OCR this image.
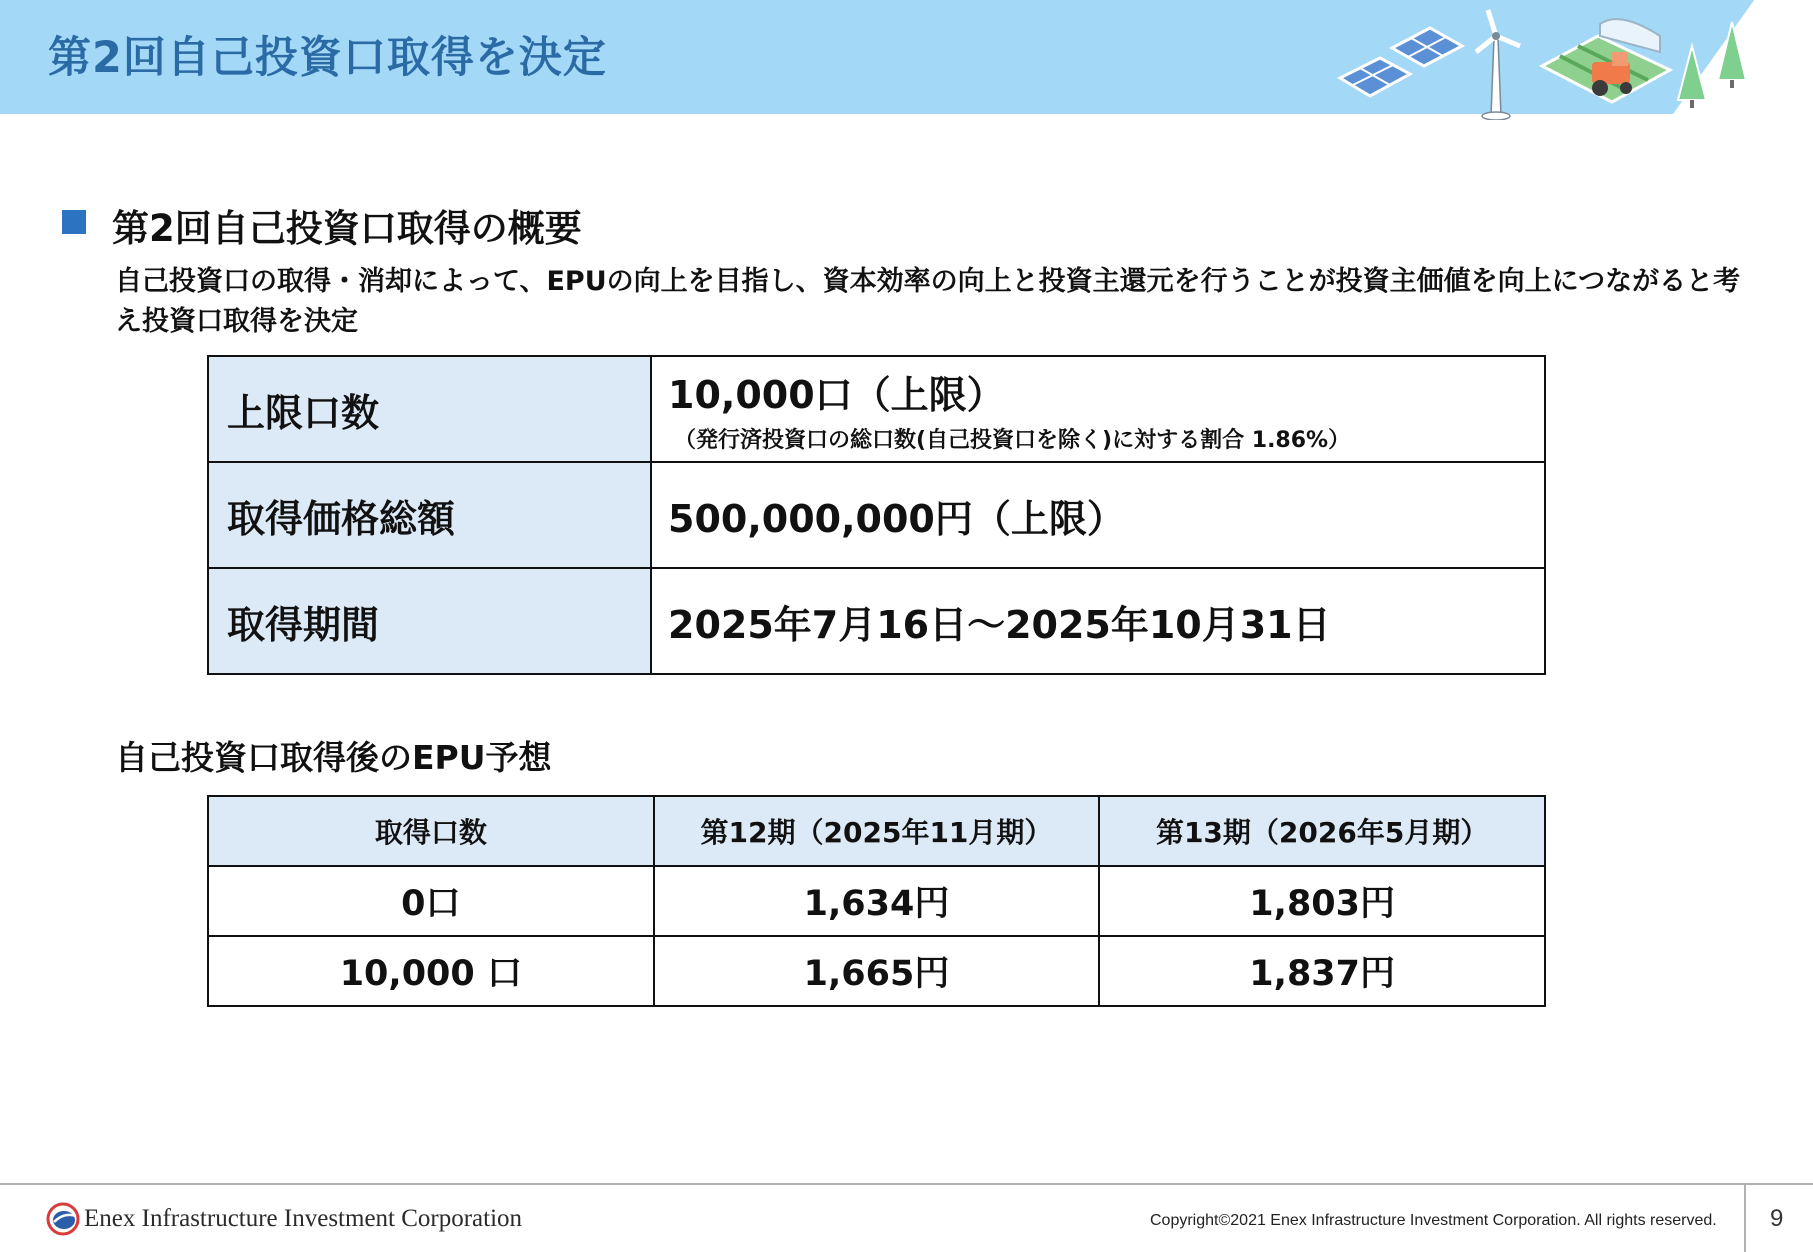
第2回自己投資口取得を決定
第2回自己投資口取得の概要
自己投資口の取得・消却によって、EPUの向上を目指し、資本効率の向上と投資主還元を行うことが投資主価値を向上につながると考え投資口取得を決定
上限口数	10,000口（上限）
（発行済投資口の総口数(自己投資口を除く)に対する割合 1.86%）

取得価格総額	500,000,000円（上限）
取得期間	2025年7月16日～2025年10月31日
自己投資口取得後のEPU予想
取得口数	第12期（2025年11月期）	第13期（2026年5月期）
0口	1,634円	1,803円
10,000 口	1,665円	1,837円
Enex Infrastructure Investment Corporation	Copyright©2021 Enex Infrastructure Investment Corporation. All rights reserved. 9
